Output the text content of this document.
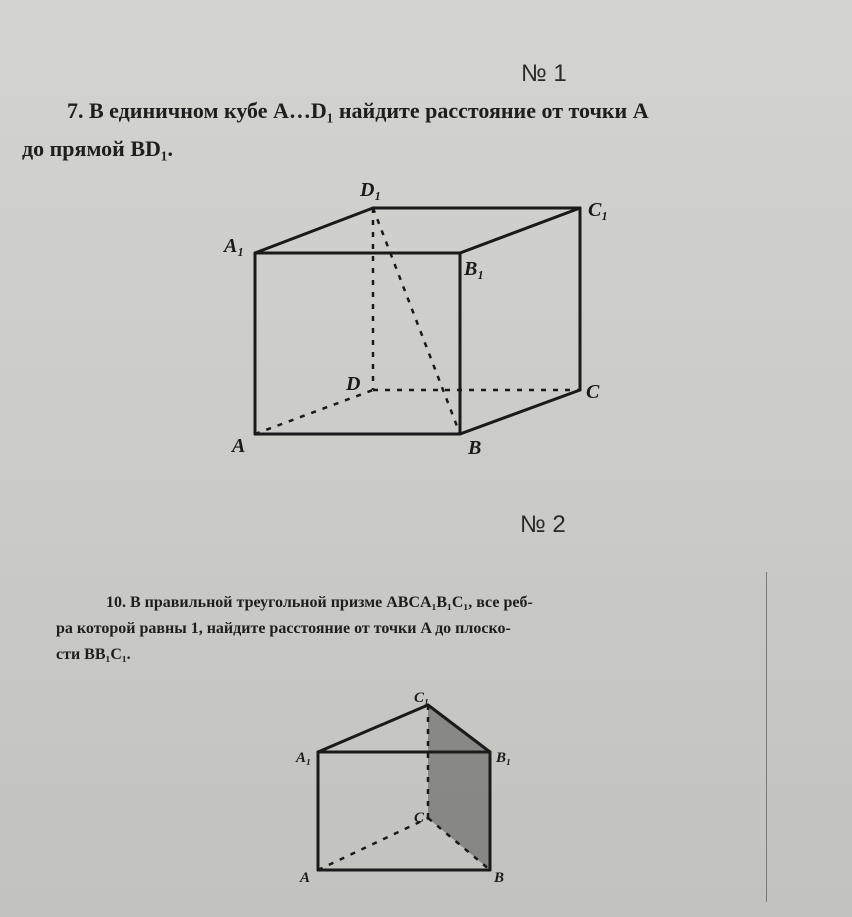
№ 1
7. В единичном кубе A…D₁ найдите расстояние от точки A
до прямой BD₁.
A	B
C
D
A₁
B₁
C₁
D₁
A	B
C
A₁	B₁
C₁
№ 2
10. В правильной треугольной призме ABCA₁B₁C₁, все реб-
ра которой равны 1, найдите расстояние от точки A до плоско-
сти BB₁C₁.
